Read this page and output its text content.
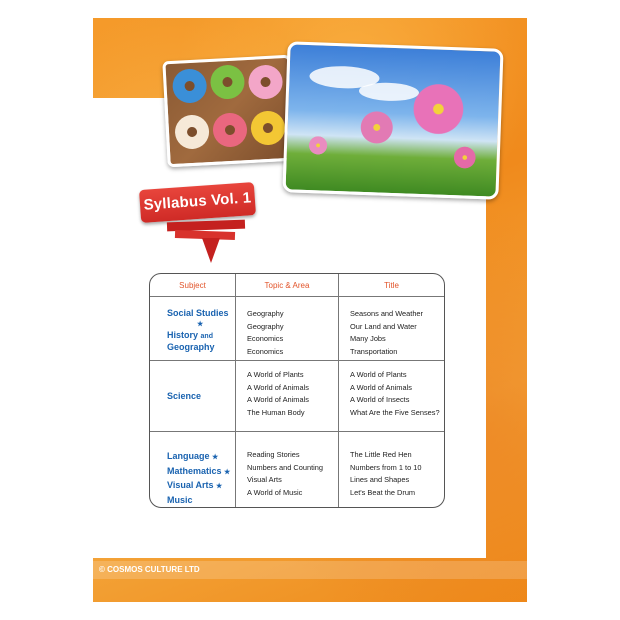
Syllabus Vol. 1
Subject	Topic & Area	Title
Social Studies
★
History and
Geography
Geography
Geography
Economics
Economics
Seasons and Weather
Our Land and Water
Many Jobs
Transportation
Science
A World of Plants
A World of Animals
A World of Animals
The Human Body
A World of Plants
A World of Animals
A World of Insects
What Are the Five Senses?
Language ★
Mathematics ★
Visual Arts ★
Music
Reading Stories
Numbers and Counting
Visual Arts
A World of Music
The Little Red Hen
Numbers from 1 to 10
Lines and Shapes
Let's Beat the Drum
© COSMOS CULTURE LTD
